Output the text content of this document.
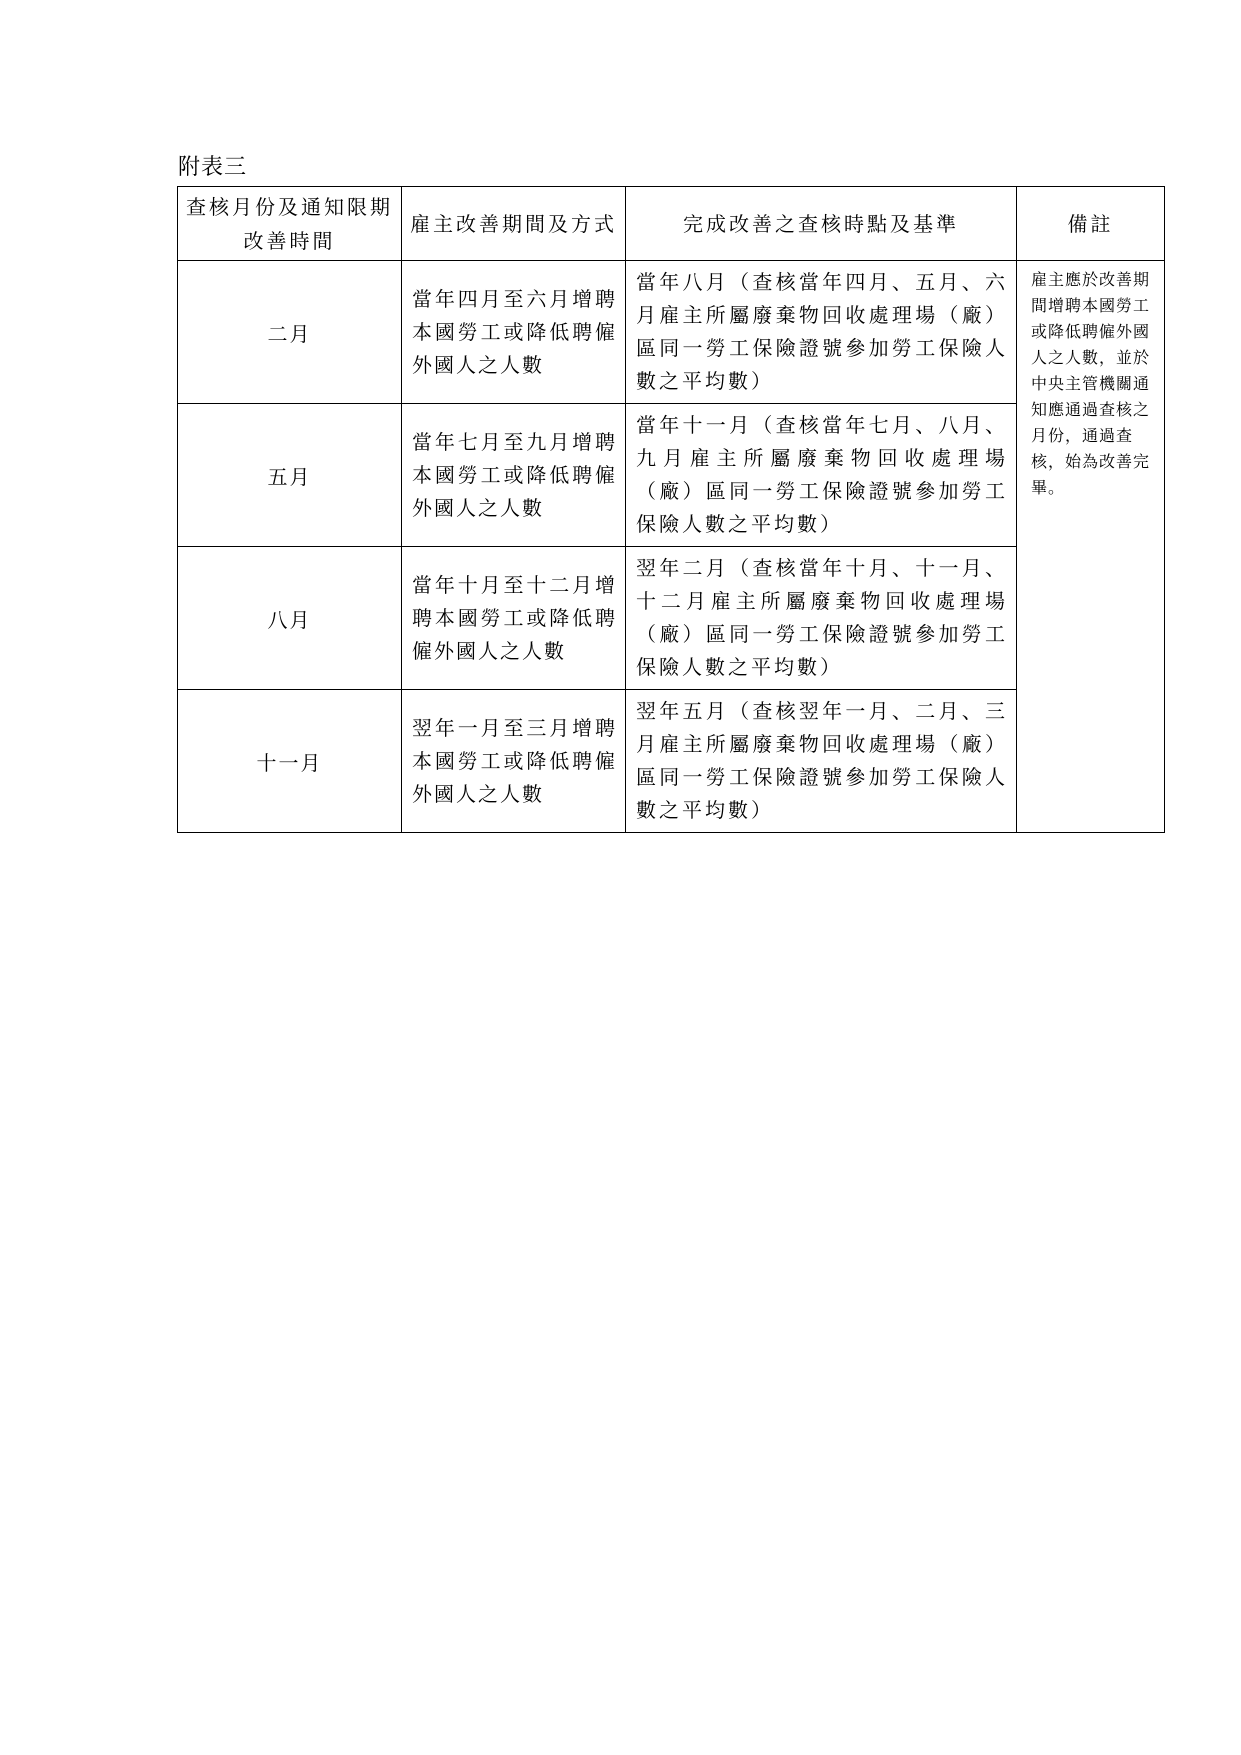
附表三
查核月份及通知限期改善時間	雇主改善期間及方式	完成改善之查核時點及基準	備註
二月	當年四月至六月增聘本國勞工或降低聘僱外國人之人數	當年八月（查核當年四月、五月、六月雇主所屬廢棄物回收處理場（廠）區同一勞工保險證號參加勞工保險人數之平均數）	雇主應於改善期間增聘本國勞工或降低聘僱外國人之人數，並於中央主管機關通知應通過查核之月份，通過查核，始為改善完畢。
五月	當年七月至九月增聘本國勞工或降低聘僱外國人之人數	當年十一月（查核當年七月、八月、九月雇主所屬廢棄物回收處理場（廠）區同一勞工保險證號參加勞工保險人數之平均數）	
八月	當年十月至十二月增聘本國勞工或降低聘僱外國人之人數	翌年二月（查核當年十月、十一月、十二月雇主所屬廢棄物回收處理場（廠）區同一勞工保險證號參加勞工保險人數之平均數）	
十一月	翌年一月至三月增聘本國勞工或降低聘僱外國人之人數	翌年五月（查核翌年一月、二月、三月雇主所屬廢棄物回收處理場（廠）區同一勞工保險證號參加勞工保險人數之平均數）	
